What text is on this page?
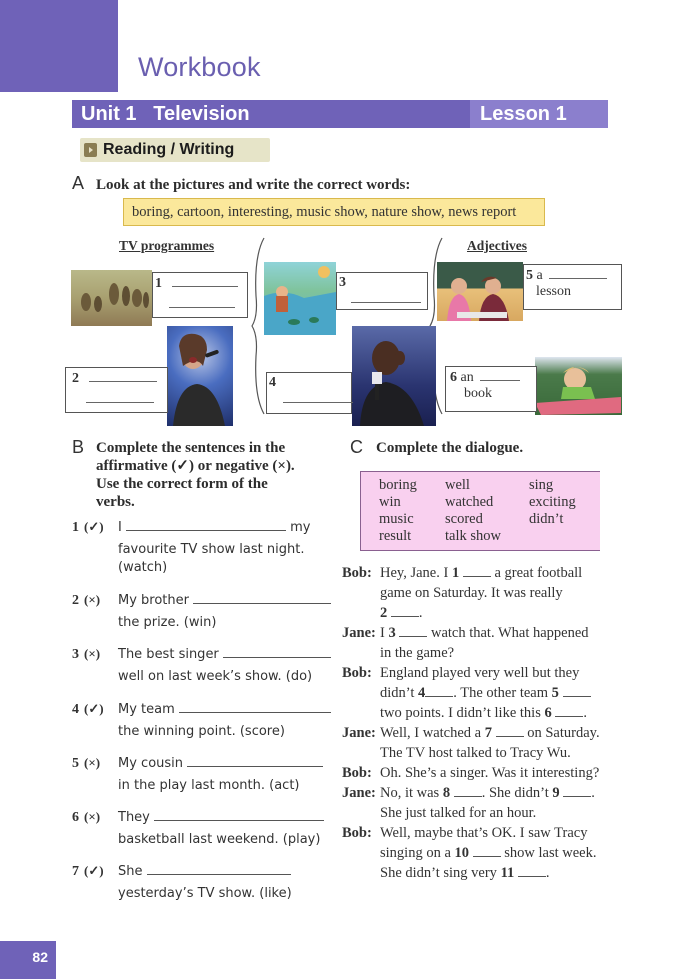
Workbook
Unit 1   Television	Lesson 1
Reading / Writing
A Look at the pictures and write the correct words:
boring, cartoon, interesting, music show, nature show, news report
TV programmes	Adjectives
1

2

3

4

5 a
lesson
6 an
book
B Complete the sentences in the
affirmative (✓) or negative (×).
Use the correct form of the
verbs.
1 (✓) I	my
favourite TV show last night.
(watch)
2 (×) My brother
the prize. (win)
3 (×) The best singer
well on last week’s show. (do)
4 (✓) My team
the winning point. (score)
5 (×) My cousin
in the play last month. (act)
6 (×) They
basketball last weekend. (play)
7 (✓) She
yesterday’s TV show. (like)
C Complete the dialogue.
boring	well	sing
win	watched	exciting
music	scored	didn’t
result	talk show
Bob: Hey, Jane. I 1  a great football
game on Saturday. It was really
2 .
Jane: I 3  watch that. What happened
in the game?
Bob: England played very well but they
didn’t 4 . The other team 5
two points. I didn’t like this 6 .
Jane: Well, I watched a 7  on Saturday.
The TV host talked to Tracy Wu.
Bob: Oh. She’s a singer. Was it interesting?
Jane: No, it was 8 . She didn’t 9 .
She just talked for an hour.
Bob: Well, maybe that’s OK. I saw Tracy
singing on a 10  show last week.
She didn’t sing very 11 .
82
